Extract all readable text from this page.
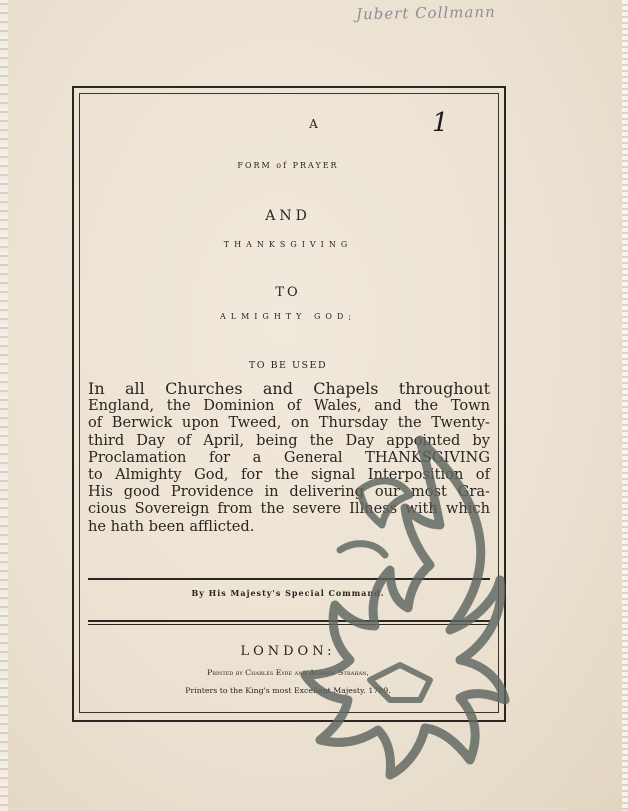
Jubert Collmann
1
A
FORM of PRAYER
AND
THANKSGIVING
TO
ALMIGHTY GOD;
TO BE USED
In all Churches and Chapels throughout
England, the Dominion of Wales, and the Town
of Berwick upon Tweed, on Thursday the Twenty-
third Day of April, being the Day appointed by
Proclamation for a General THANKSGIVING
to Almighty God, for the signal Interposition of
His good Providence in delivering our most Gra-
cious Sovereign from the severe Illness with which
he hath been afflicted.
By His Majesty's Special Command.
LONDON:
Printed by Charles Eyre and Andrew Strahan,
Printers to the King's most Excellent Majesty. 1789.
